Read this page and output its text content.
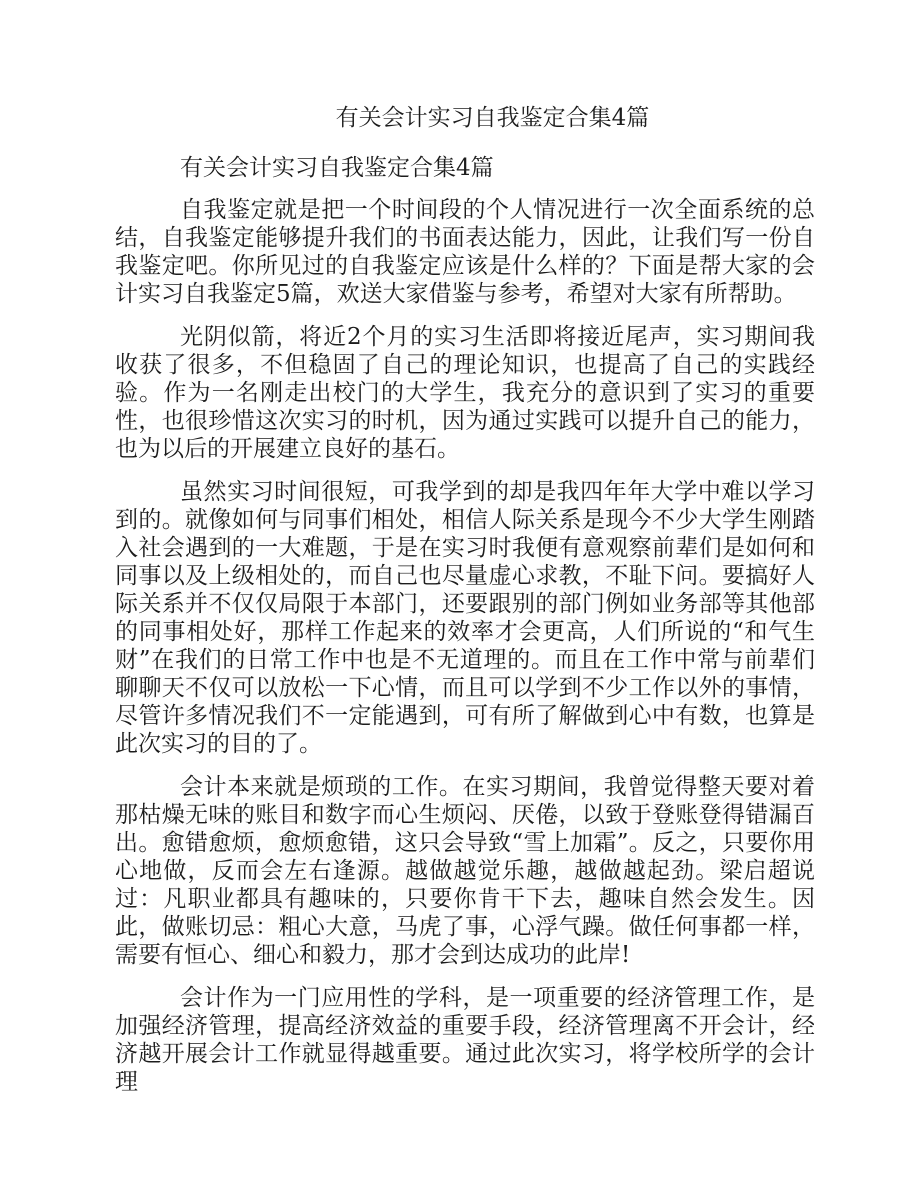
有关会计实习自我鉴定合集4篇
有关会计实习自我鉴定合集4篇

自我鉴定就是把一个时间段的个人情况进行一次全面系统的总结，自我鉴定能够提升我们的书面表达能力，因此，让我们写一份自我鉴定吧。你所见过的自我鉴定应该是什么样的？下面是帮大家的会计实习自我鉴定5篇，欢送大家借鉴与参考，希望对大家有所帮助。

光阴似箭，将近2个月的实习生活即将接近尾声，实习期间我收获了很多，不但稳固了自己的理论知识，也提高了自己的实践经验。作为一名刚走出校门的大学生，我充分的意识到了实习的重要性，也很珍惜这次实习的时机，因为通过实践可以提升自己的能力，也为以后的开展建立良好的基石。

虽然实习时间很短，可我学到的却是我四年年大学中难以学习到的。就像如何与同事们相处，相信人际关系是现今不少大学生刚踏入社会遇到的一大难题，于是在实习时我便有意观察前辈们是如何和同事以及上级相处的，而自己也尽量虚心求教，不耻下问。要搞好人际关系并不仅仅局限于本部门，还要跟别的部门例如业务部等其他部的同事相处好，那样工作起来的效率才会更高，人们所说的“和气生财”在我们的日常工作中也是不无道理的。而且在工作中常与前辈们聊聊天不仅可以放松一下心情，而且可以学到不少工作以外的事情，尽管许多情况我们不一定能遇到，可有所了解做到心中有数，也算是此次实习的目的了。

会计本来就是烦琐的工作。在实习期间，我曾觉得整天要对着那枯燥无味的账目和数字而心生烦闷、厌倦，以致于登账登得错漏百出。愈错愈烦，愈烦愈错，这只会导致“雪上加霜”。反之，只要你用心地做，反而会左右逢源。越做越觉乐趣，越做越起劲。梁启超说过：凡职业都具有趣味的，只要你肯干下去，趣味自然会发生。因此，做账切忌：粗心大意，马虎了事，心浮气躁。做任何事都一样，需要有恒心、细心和毅力，那才会到达成功的此岸!

会计作为一门应用性的学科，是一项重要的经济管理工作，是加强经济管理，提高经济效益的重要手段，经济管理离不开会计，经济越开展会计工作就显得越重要。通过此次实习，将学校所学的会计理
